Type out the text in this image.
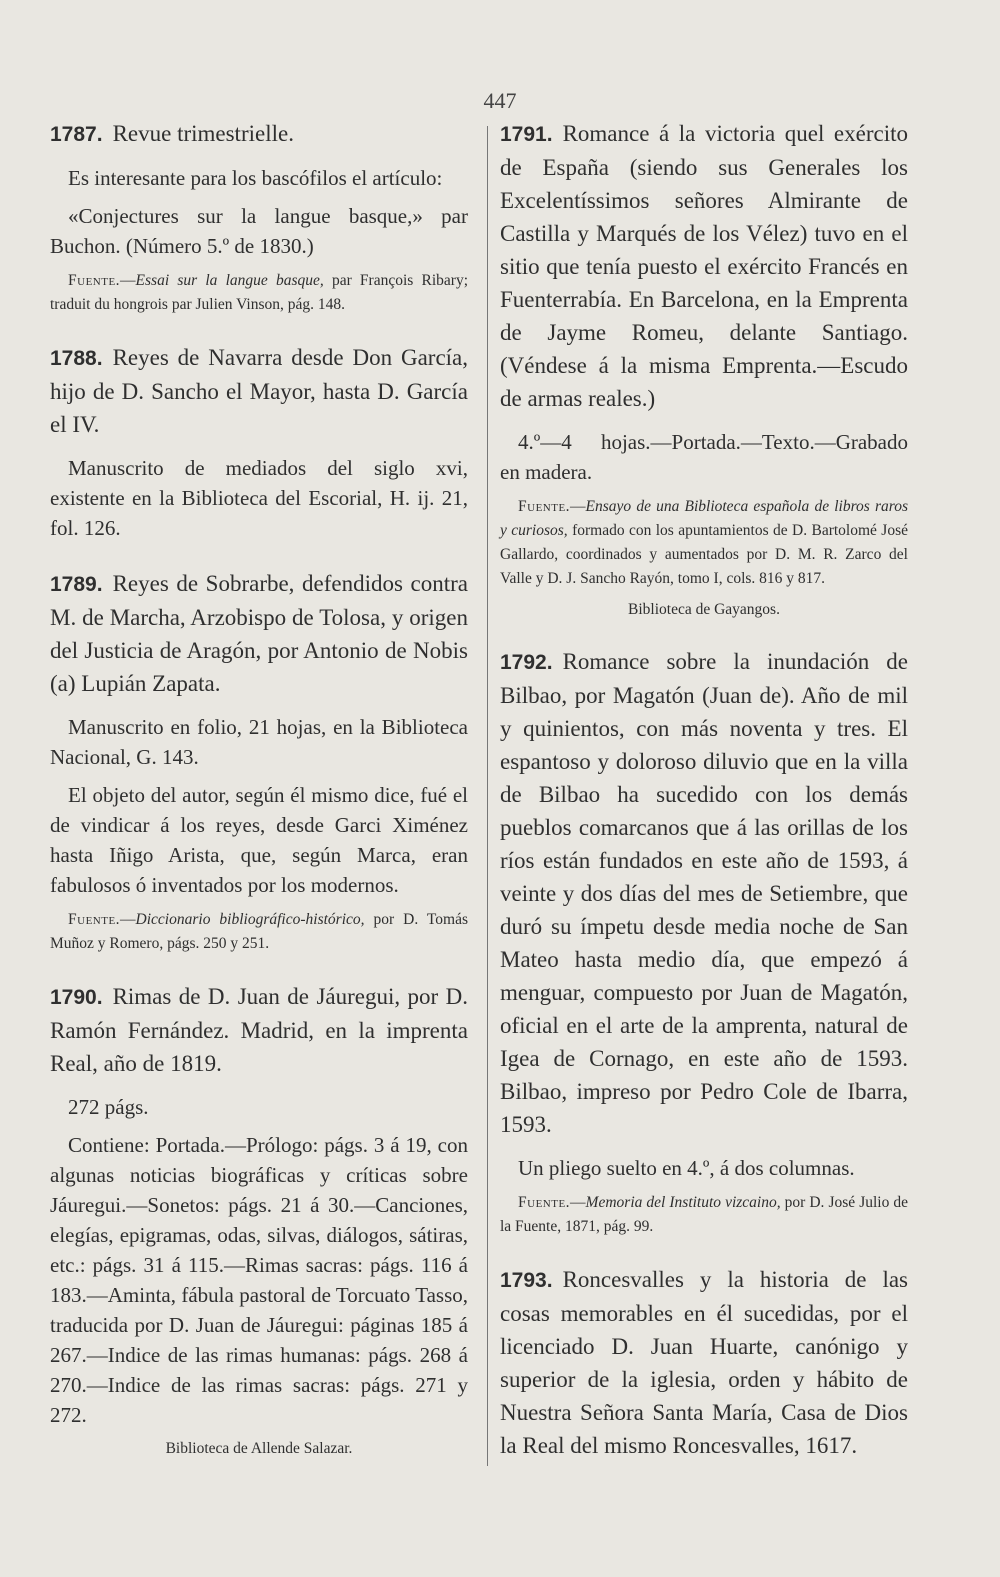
447

1787. Revue trimestrielle.

Es interesante para los bascófilos el artículo:

«Conjectures sur la langue basque,» par Buchon. (Número 5.º de 1830.)

Fuente.—Essai sur la langue basque, par François Ribary; traduit du hongrois par Julien Vinson, pág. 148.

1788. Reyes de Navarra desde Don García, hijo de D. Sancho el Mayor, hasta D. García el IV.

Manuscrito de mediados del siglo xvi, existente en la Biblioteca del Escorial, H. ij. 21, fol. 126.

1789. Reyes de Sobrarbe, defendidos contra M. de Marcha, Arzobispo de Tolosa, y origen del Justicia de Aragón, por Antonio de Nobis (a) Lupián Zapata.

Manuscrito en folio, 21 hojas, en la Biblioteca Nacional, G. 143.

El objeto del autor, según él mismo dice, fué el de vindicar á los reyes, desde Garci Ximénez hasta Iñigo Arista, que, según Marca, eran fabulosos ó inventados por los modernos.

Fuente.—Diccionario bibliográfico-histórico, por D. Tomás Muñoz y Romero, págs. 250 y 251.

1790. Rimas de D. Juan de Jáuregui, por D. Ramón Fernández. Madrid, en la imprenta Real, año de 1819.

272 págs.

Contiene: Portada.—Prólogo: págs. 3 á 19, con algunas noticias biográficas y críticas sobre Jáuregui.—Sonetos: págs. 21 á 30.—Canciones, elegías, epigramas, odas, silvas, diálogos, sátiras, etc.: págs. 31 á 115.—Rimas sacras: págs. 116 á 183.—Aminta, fábula pastoral de Torcuato Tasso, traducida por D. Juan de Jáuregui: páginas 185 á 267.—Indice de las rimas humanas: págs. 268 á 270.—Indice de las rimas sacras: págs. 271 y 272.

Biblioteca de Allende Salazar.

1791. Romance á la victoria quel exército de España (siendo sus Generales los Excelentíssimos señores Almirante de Castilla y Marqués de los Vélez) tuvo en el sitio que tenía puesto el exército Francés en Fuenterrabía. En Barcelona, en la Emprenta de Jayme Romeu, delante Santiago. (Véndese á la misma Emprenta.—Escudo de armas reales.)

4.º—4 hojas.—Portada.—Texto.—Grabado en madera.

Fuente.—Ensayo de una Biblioteca española de libros raros y curiosos, formado con los apuntamientos de D. Bartolomé José Gallardo, coordinados y aumentados por D. M. R. Zarco del Valle y D. J. Sancho Rayón, tomo I, cols. 816 y 817.

Biblioteca de Gayangos.

1792. Romance sobre la inundación de Bilbao, por Magatón (Juan de). Año de mil y quinientos, con más noventa y tres. El espantoso y doloroso diluvio que en la villa de Bilbao ha sucedido con los demás pueblos comarcanos que á las orillas de los ríos están fundados en este año de 1593, á veinte y dos días del mes de Setiembre, que duró su ímpetu desde media noche de San Mateo hasta medio día, que empezó á menguar, compuesto por Juan de Magatón, oficial en el arte de la amprenta, natural de Igea de Cornago, en este año de 1593. Bilbao, impreso por Pedro Cole de Ibarra, 1593.

Un pliego suelto en 4.º, á dos columnas.

Fuente.—Memoria del Instituto vizcaino, por D. José Julio de la Fuente, 1871, pág. 99.

1793. Roncesvalles y la historia de las cosas memorables en él sucedidas, por el licenciado D. Juan Huarte, canónigo y superior de la iglesia, orden y hábito de Nuestra Señora Santa María, Casa de Dios la Real del mismo Roncesvalles, 1617.
